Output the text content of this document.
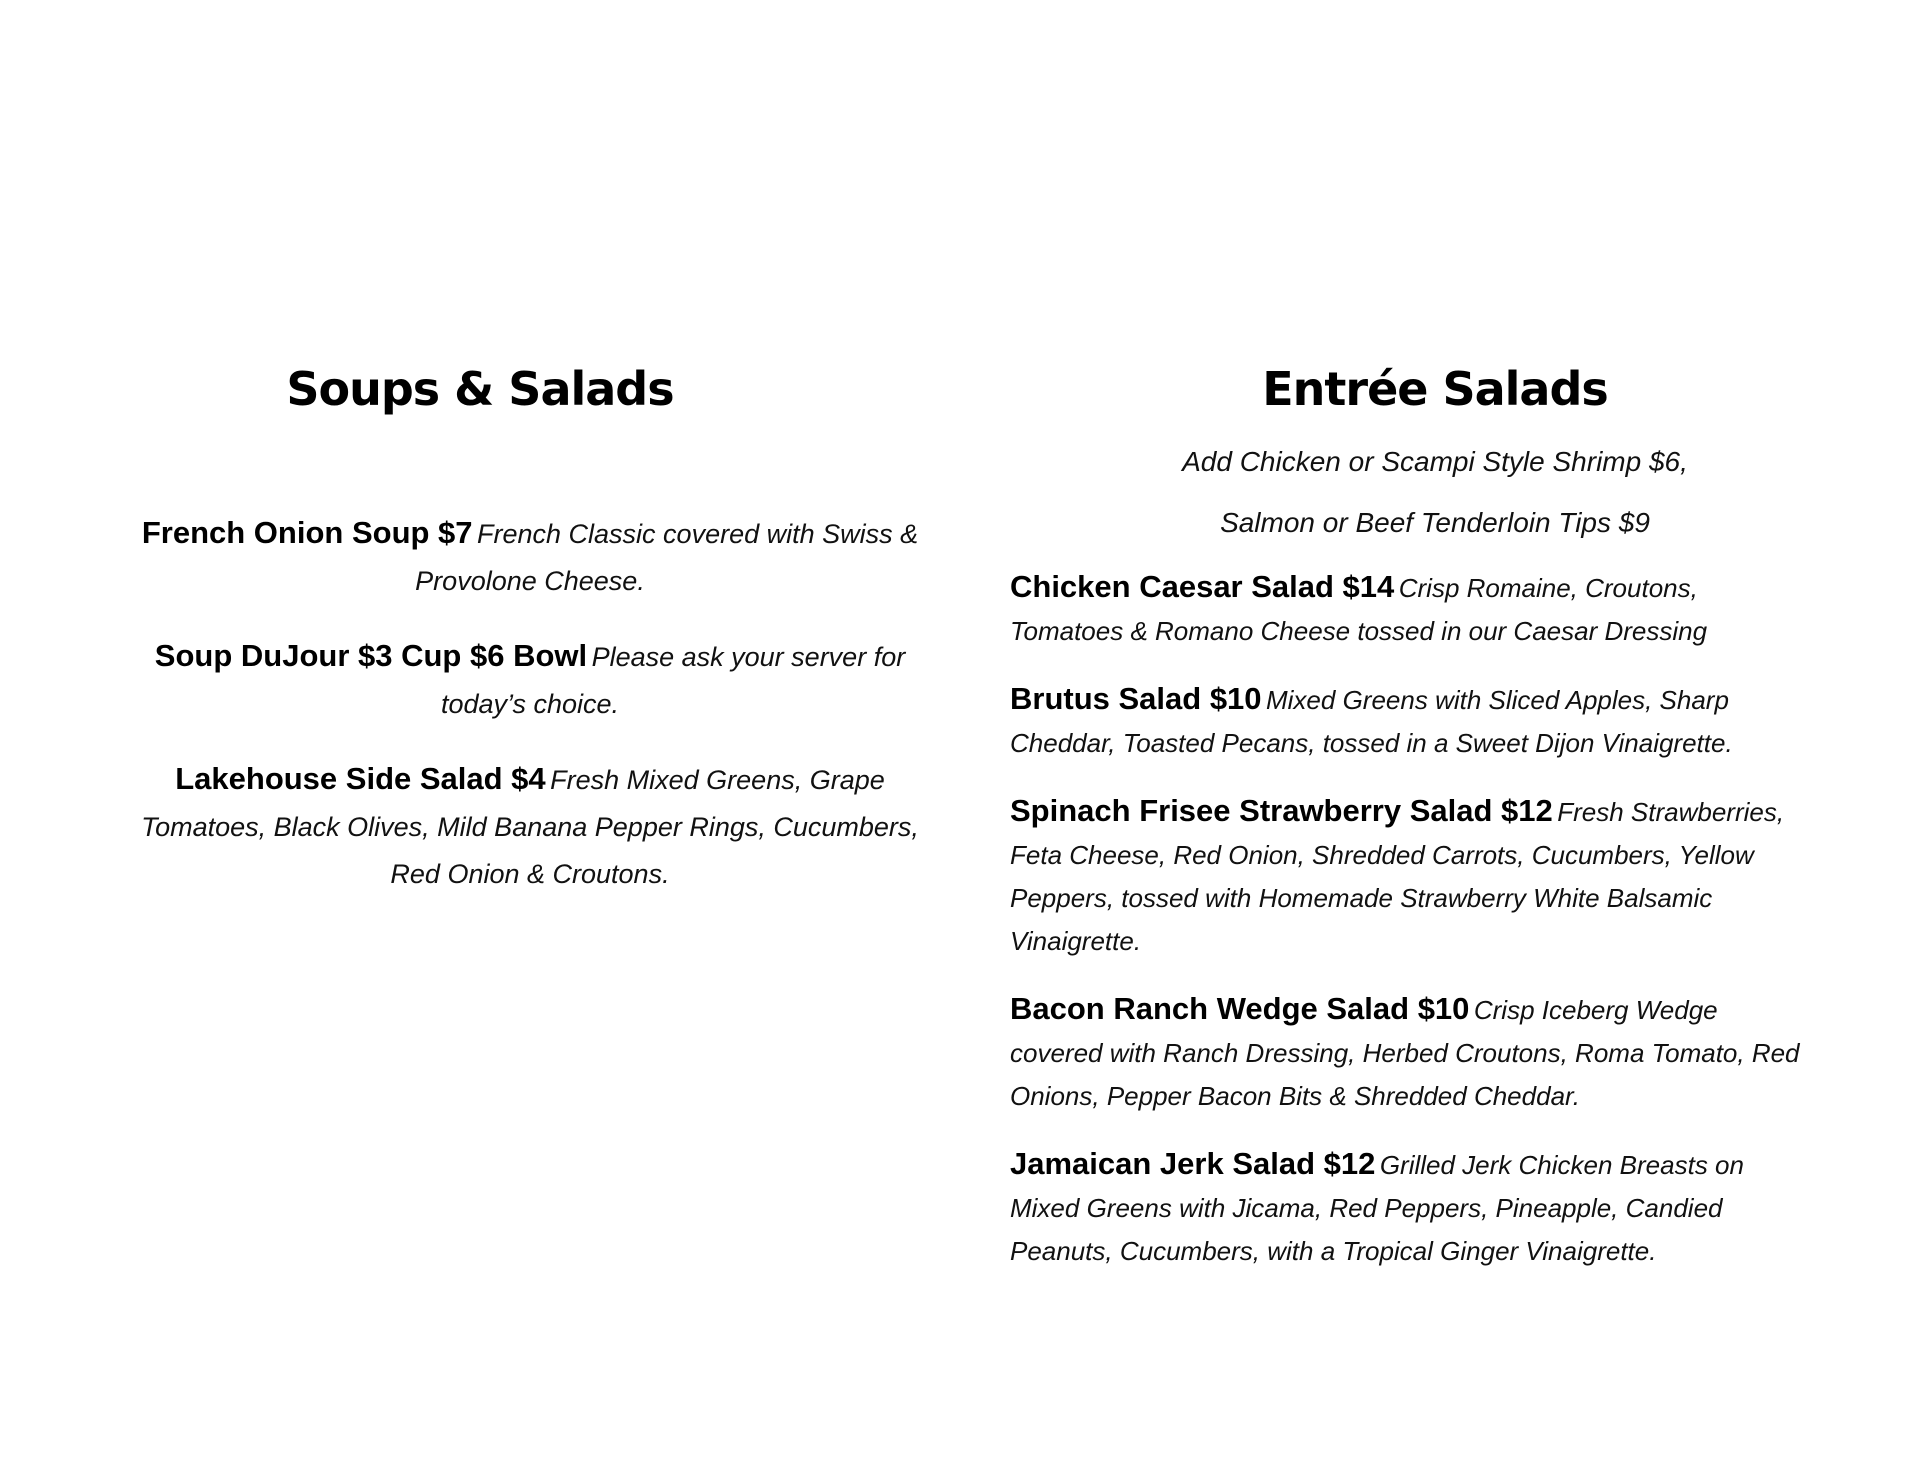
Soups & Salads

French Onion Soup $7 French Classic covered with Swiss & Provolone Cheese.

Soup DuJour $3 Cup $6 Bowl Please ask your server for today’s choice.

Lakehouse Side Salad $4 Fresh Mixed Greens, Grape Tomatoes, Black Olives, Mild Banana Pepper Rings, Cucumbers, Red Onion & Croutons.

Entrée Salads

Add Chicken or Scampi Style Shrimp $6,

Salmon or Beef Tenderloin Tips $9

Chicken Caesar Salad $14 Crisp Romaine, Croutons, Tomatoes & Romano Cheese tossed in our Caesar Dressing

Brutus Salad $10 Mixed Greens with Sliced Apples, Sharp Cheddar, Toasted Pecans, tossed in a Sweet Dijon Vinaigrette.

Spinach Frisee Strawberry Salad $12 Fresh Strawberries, Feta Cheese, Red Onion, Shredded Carrots, Cucumbers, Yellow Peppers, tossed with Homemade Strawberry White Balsamic Vinaigrette.

Bacon Ranch Wedge Salad $10 Crisp Iceberg Wedge covered with Ranch Dressing, Herbed Croutons, Roma Tomato, Red Onions, Pepper Bacon Bits & Shredded Cheddar.

Jamaican Jerk Salad $12 Grilled Jerk Chicken Breasts on Mixed Greens with Jicama, Red Peppers, Pineapple, Candied Peanuts, Cucumbers, with a Tropical Ginger Vinaigrette.
